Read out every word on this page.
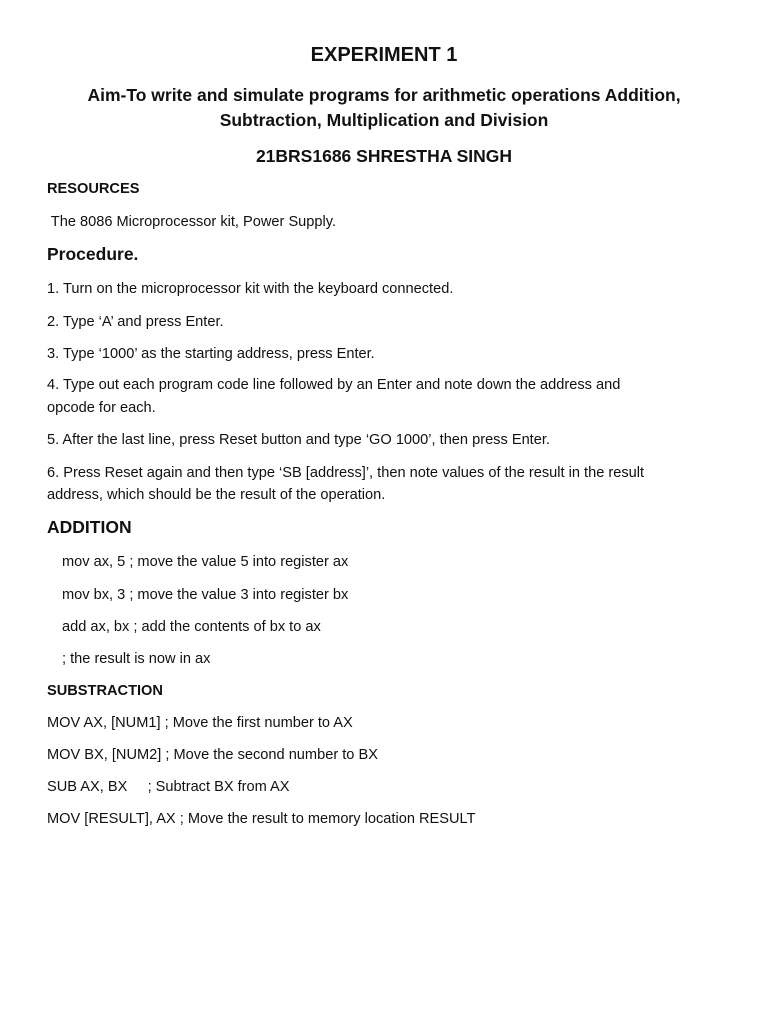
EXPERIMENT 1
Aim-To write and simulate programs for arithmetic operations Addition,
Subtraction, Multiplication and Division
21BRS1686 SHRESTHA SINGH
RESOURCES
The 8086 Microprocessor kit, Power Supply.
Procedure.
1. Turn on the microprocessor kit with the keyboard connected.
2. Type ‘A’ and press Enter.
3. Type ‘1000’ as the starting address, press Enter.
4. Type out each program code line followed by an Enter and note down the address and
opcode for each.
5. After the last line, press Reset button and type ‘GO 1000’, then press Enter.
6. Press Reset again and then type ‘SB [address]’, then note values of the result in the result
address, which should be the result of the operation.
ADDITION
mov ax, 5 ; move the value 5 into register ax
mov bx, 3 ; move the value 3 into register bx
add ax, bx ; add the contents of bx to ax
; the result is now in ax
SUBSTRACTION
MOV AX, [NUM1] ; Move the first number to AX
MOV BX, [NUM2] ; Move the second number to BX
SUB AX, BX     ; Subtract BX from AX
MOV [RESULT], AX ; Move the result to memory location RESULT
